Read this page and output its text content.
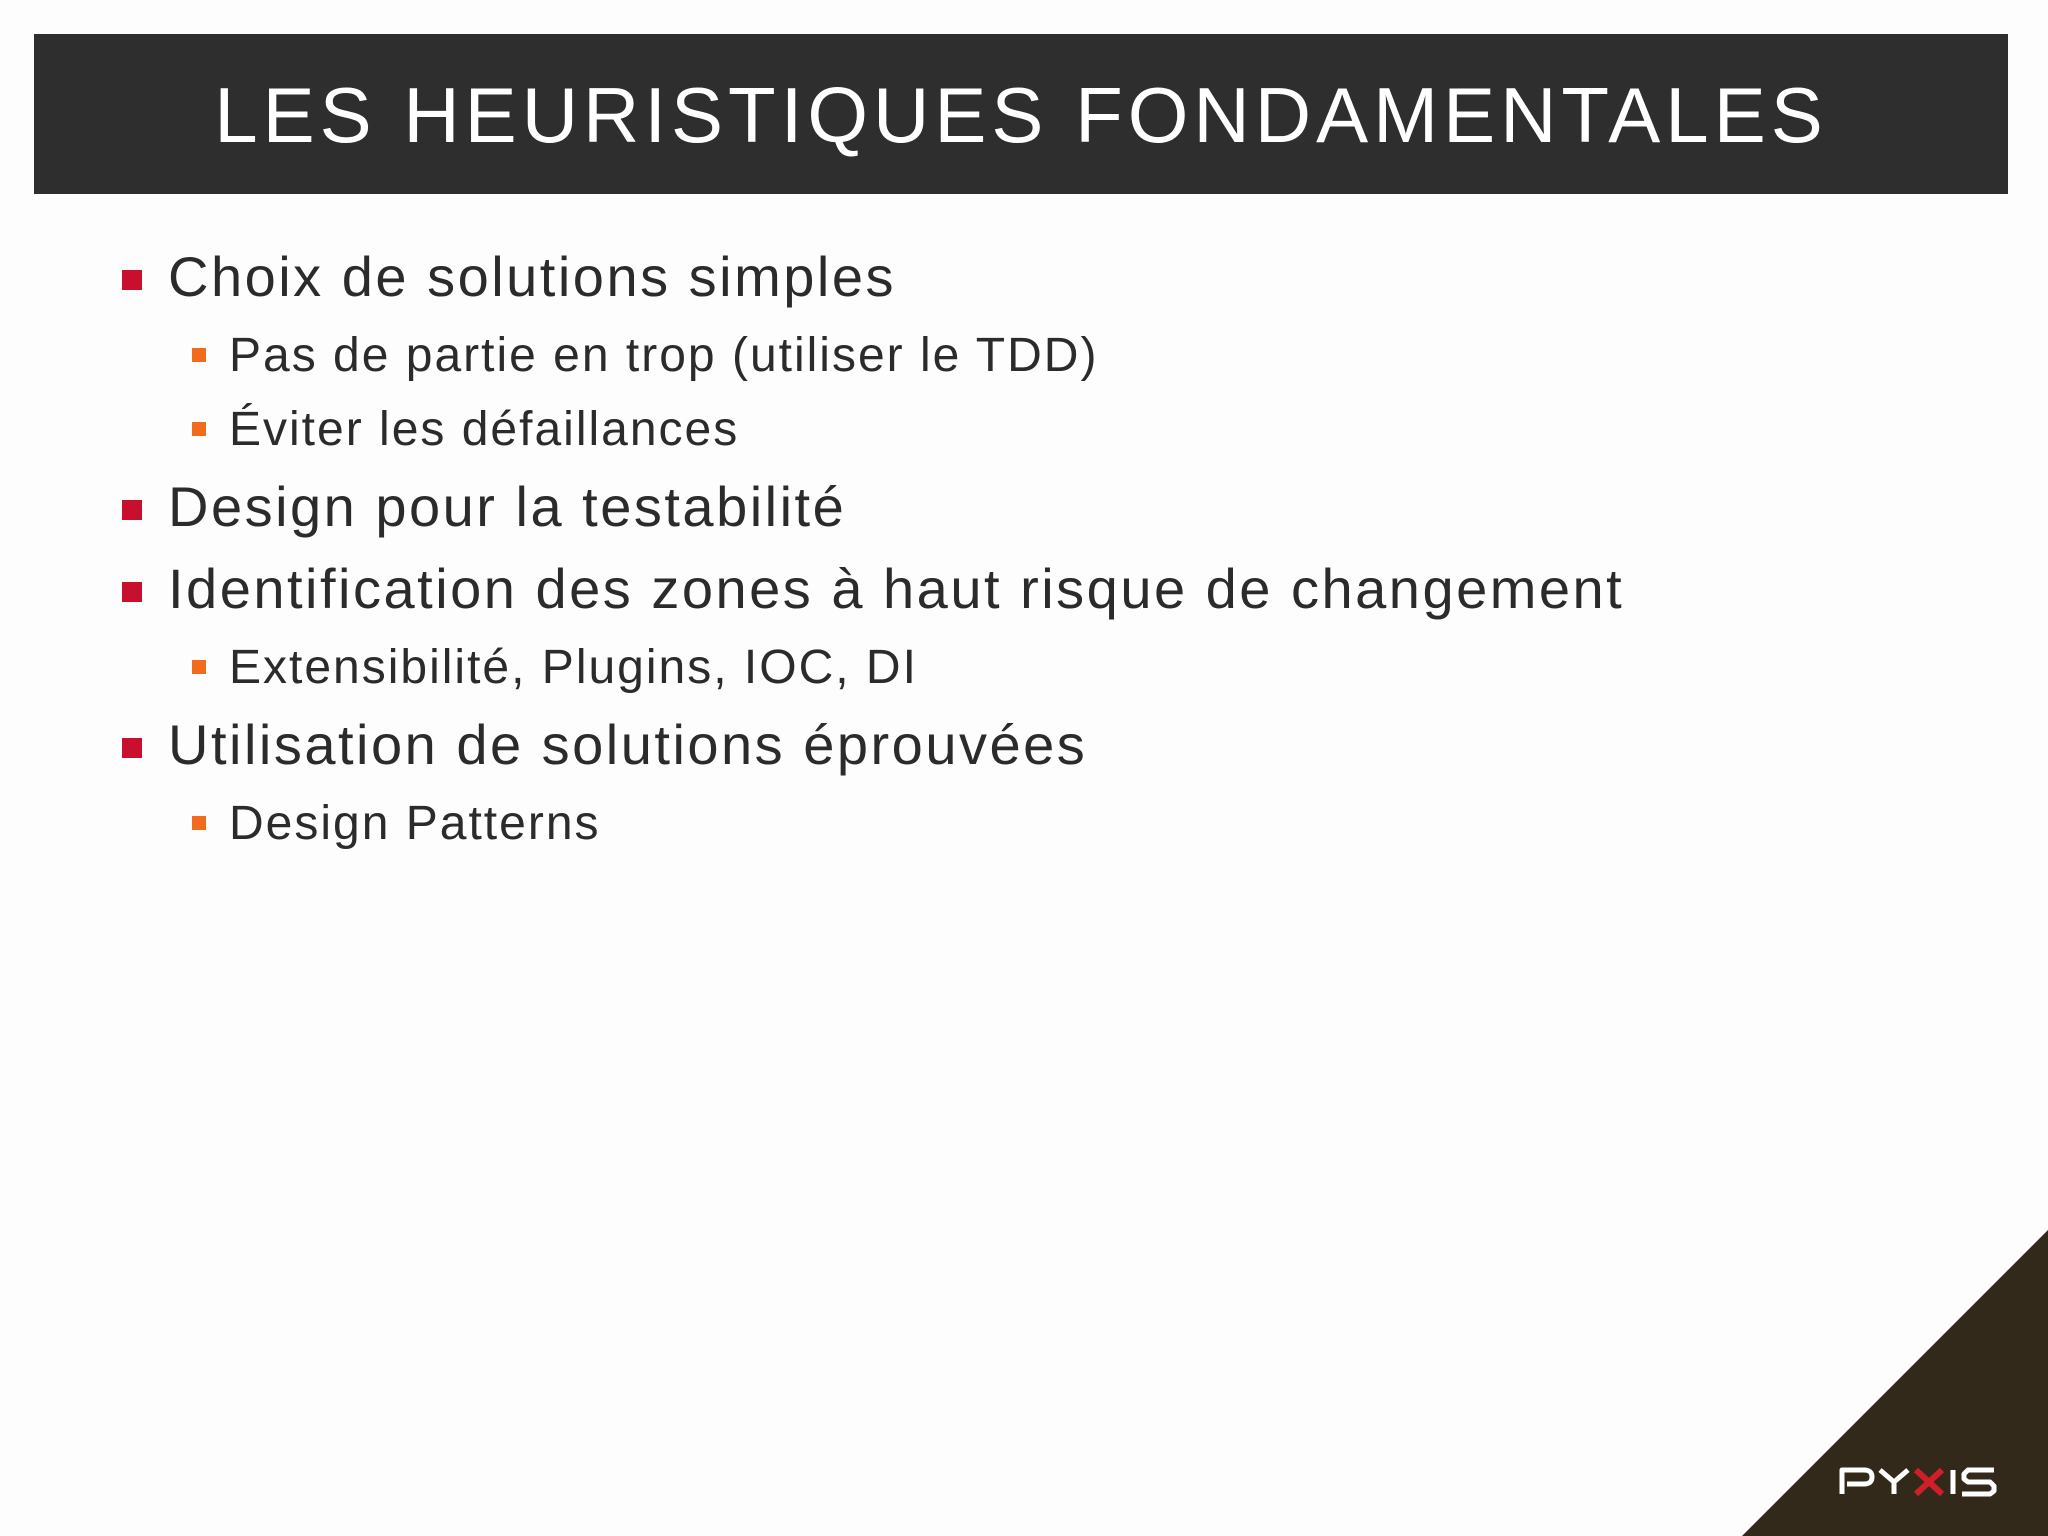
LES HEURISTIQUES FONDAMENTALES
Choix de solutions simples
Pas de partie en trop (utiliser le TDD)
Éviter les défaillances
Design pour la testabilité
Identification des zones à haut risque de changement
Extensibilité, Plugins, IOC, DI
Utilisation de solutions éprouvées
Design Patterns
